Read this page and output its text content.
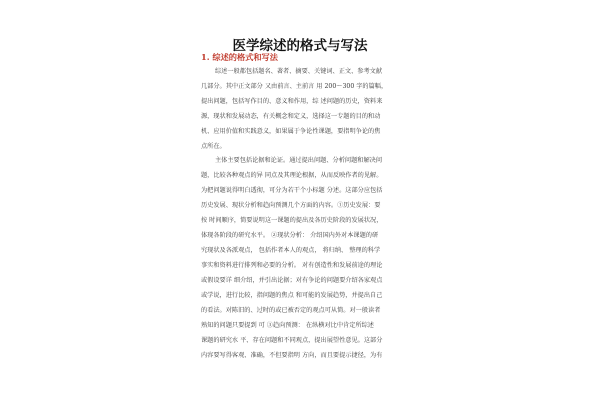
医学综述的格式与写法
1. 综述的格式和写法
综述一般都包括题名、著者、摘要、关键词、正文、参考文献
几部分。其中正文部分 又由前言、主前言 用 200～300 字的篇幅，
提出问题，包括写作目的、意义和作用，综 述问题的历史，资料来
源，现状和发展动态，有关概念和定义，选择这一专题的目的和动
机、应用价值和实践意义，如果属于争论性课题，要指明争论的焦
点所在。
主体主要包括论据和论证。通过提出问题、分析问题和解决问
题，比较各种观点的异 同点及其理论根据，从而反映作者的见解。
为把问题说得明白透彻，可分为若干个小标题 分述。这部分应包括
历史发展、现状分析和趋向预测几个方面的内容。①历史发展：要
按 时间顺序，简要说明这一课题的提出及各历史阶段的发展状况，
体现各阶段的研究水平。 ②现状分析： 介绍国内外对本课题的研
究现状及各派观点， 包括作者本人的观点， 将归纳、 整理的科学
事实和资料进行排列和必要的分析。 对有创造性和发展前途的理论
或假设要详 细介绍，并引出论据；对有争论的问题要介绍各家观点
或学说，进行比较，指问题的焦点 和可能的发展趋势，并提出自己
的看法。对陈旧的、过时的或已被否定的观点可从简。对一般读者
熟知的问题只要提到 可 ③趋向预测： 在纵横对比中肯定所综述
课题的研究水 平、存在问题和不同观点，提出展望性意见。这部分
内容要写得客观、准确，不但要指明 方向，而且要提示捷径，为有
